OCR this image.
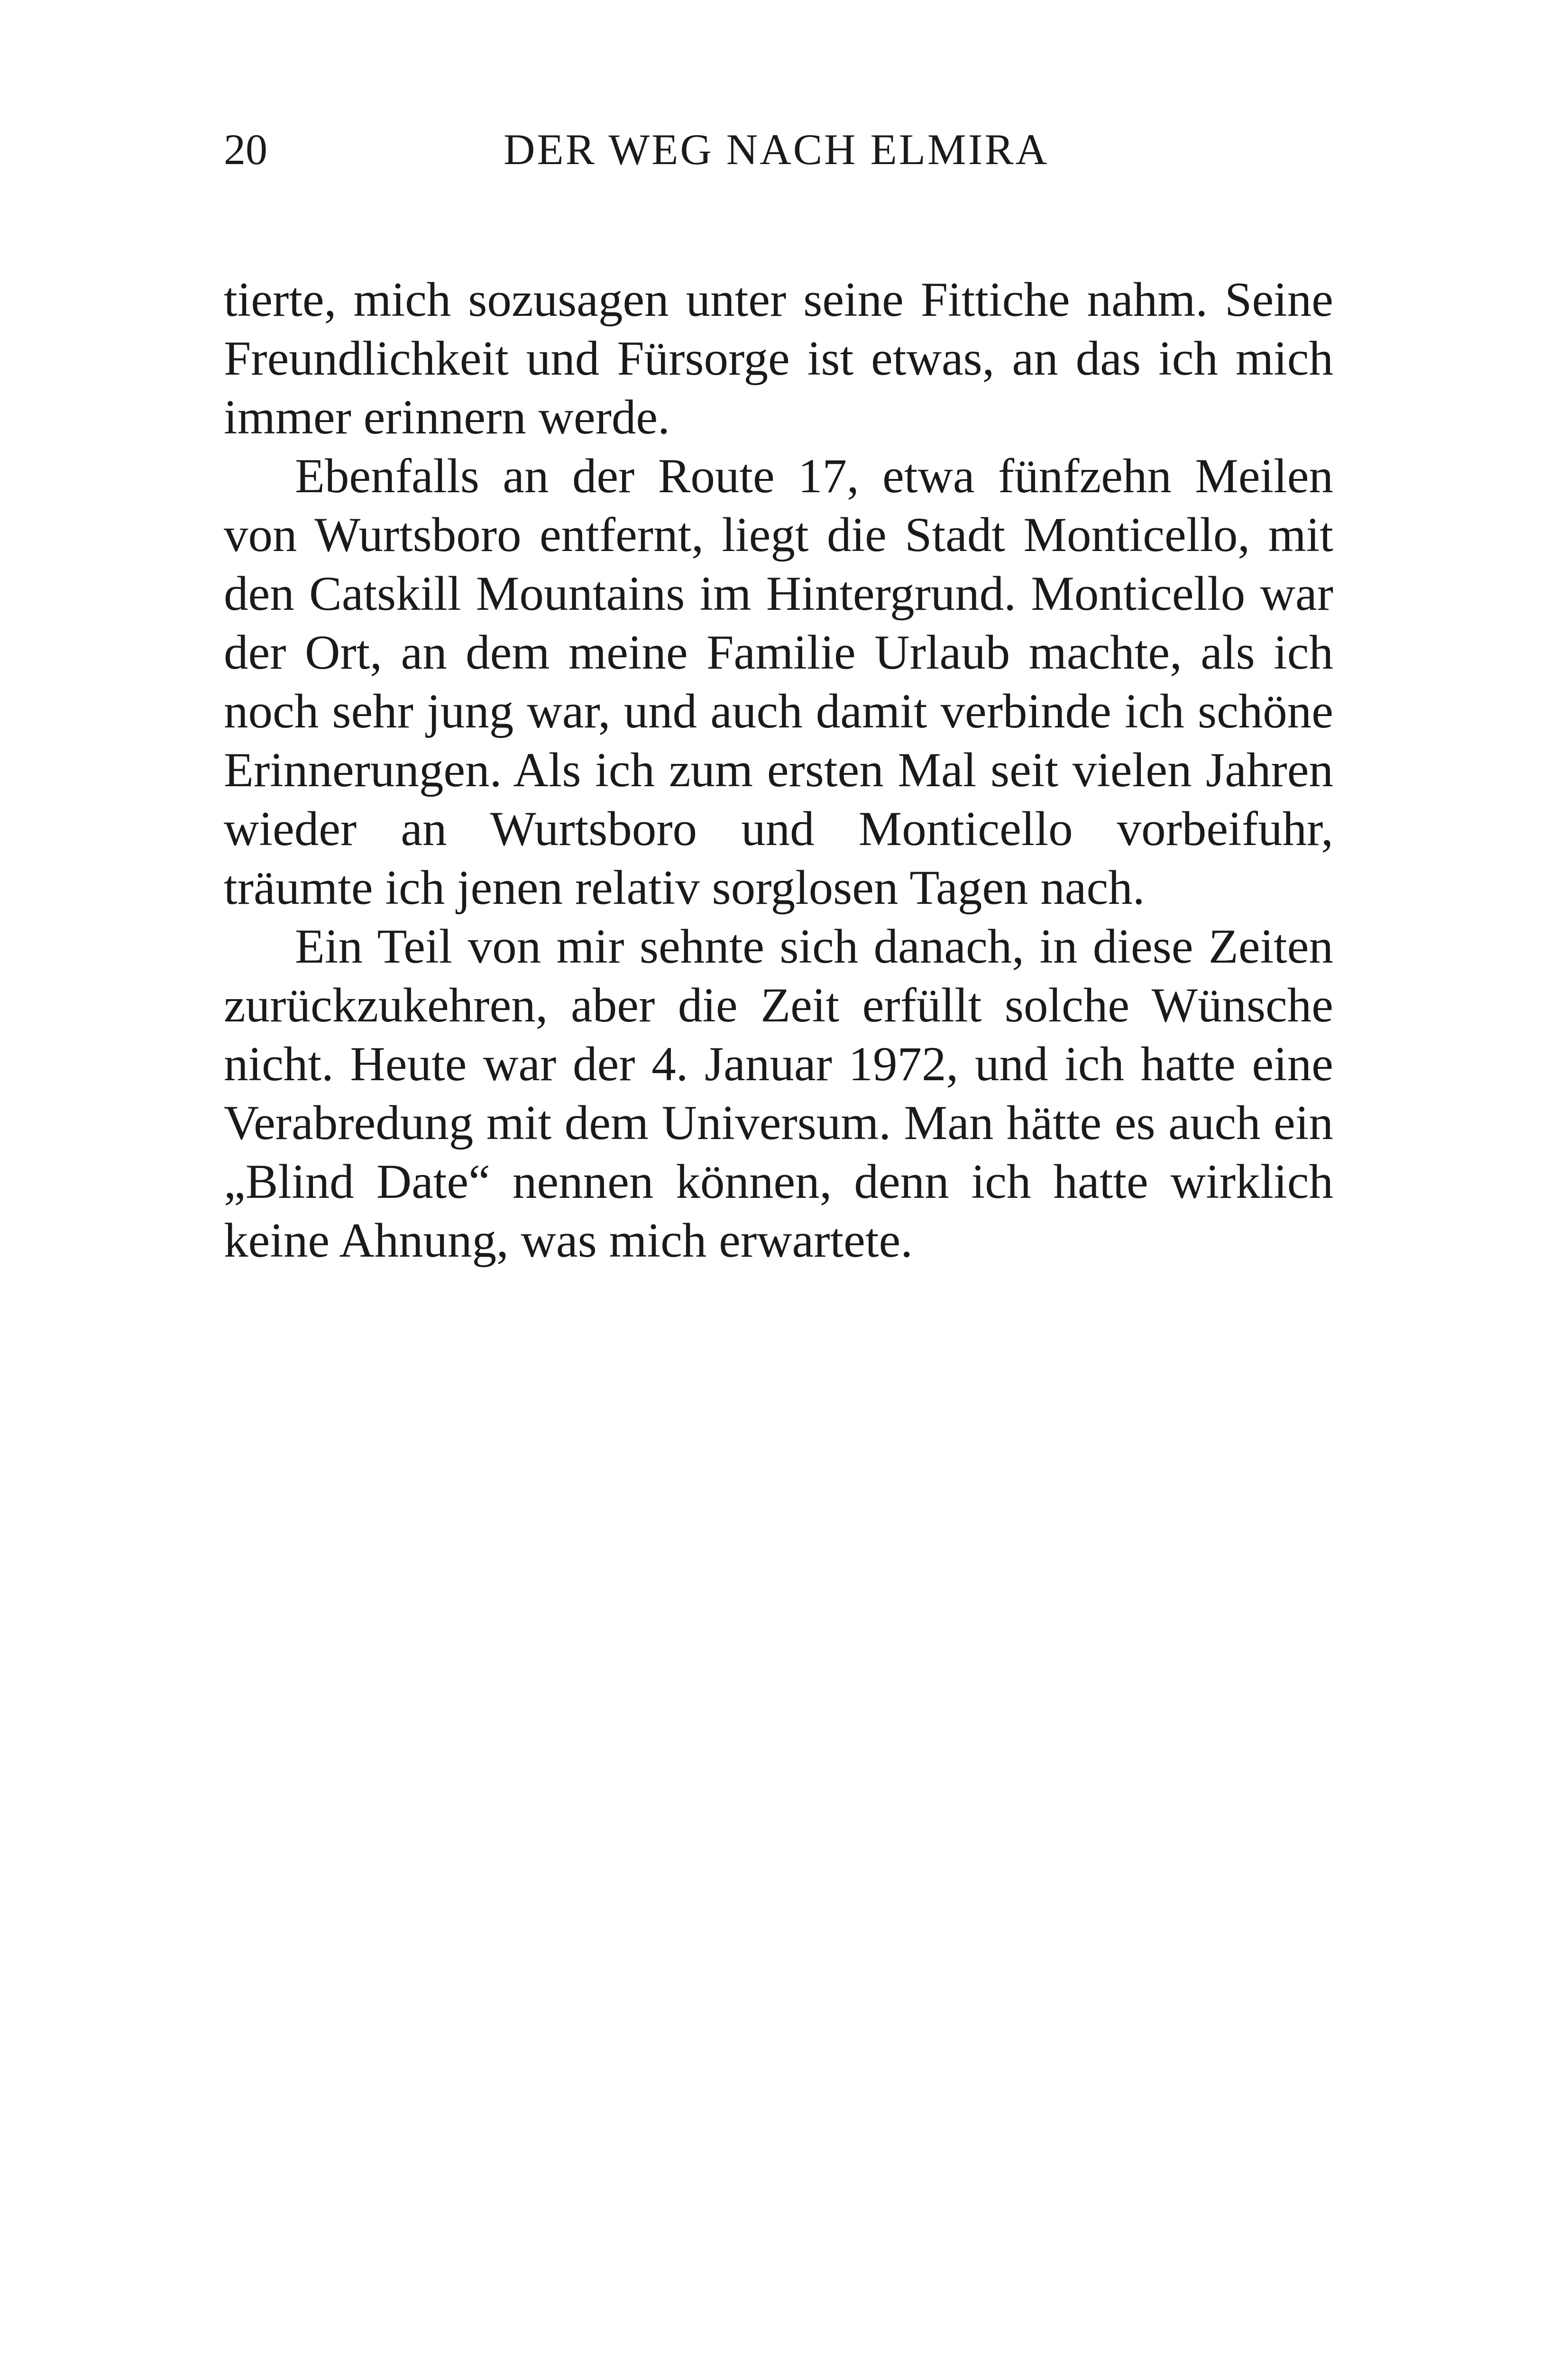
20	DER WEG NACH ELMIRA

tierte, mich sozusagen unter seine Fittiche nahm. Seine Freundlichkeit und Fürsorge ist etwas, an das ich mich immer erinnern werde.

Ebenfalls an der Route 17, etwa fünfzehn Meilen von Wurtsboro entfernt, liegt die Stadt Monticello, mit den Catskill Mountains im Hintergrund. Monticello war der Ort, an dem meine Familie Urlaub machte, als ich noch sehr jung war, und auch damit verbinde ich schöne Erinnerungen. Als ich zum ersten Mal seit vielen Jahren wieder an Wurtsboro und Monticello vorbeifuhr, träumte ich jenen relativ sorglosen Tagen nach.

Ein Teil von mir sehnte sich danach, in diese Zeiten zurückzukehren, aber die Zeit erfüllt solche Wünsche nicht. Heute war der 4. Januar 1972, und ich hatte eine Verabredung mit dem Universum. Man hätte es auch ein „Blind Date“ nennen können, denn ich hatte wirklich keine Ahnung, was mich erwartete.
